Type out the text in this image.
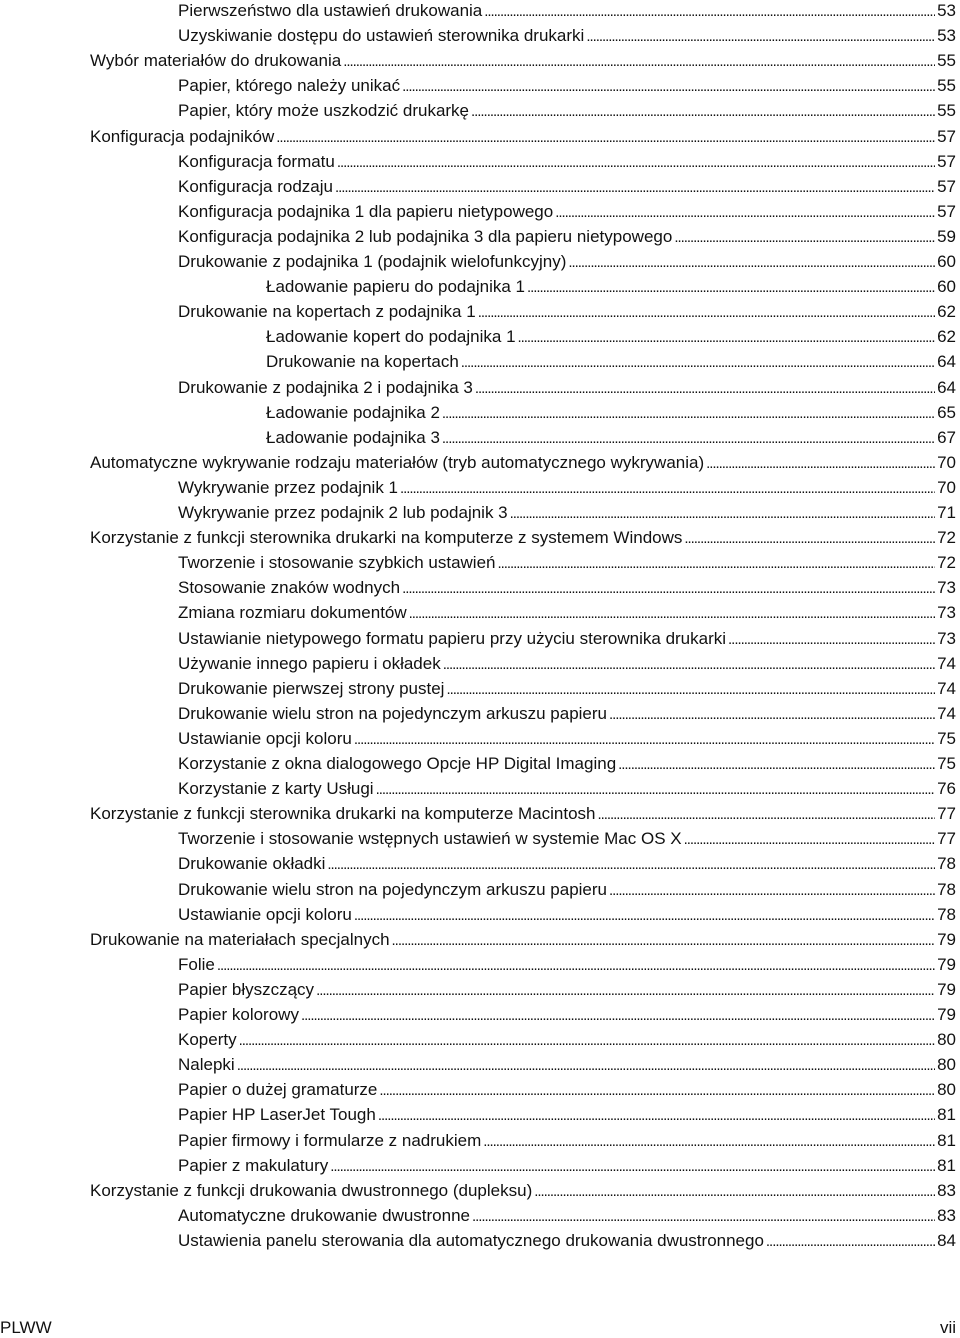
Pierwszeństwo dla ustawień drukowania . . .	53
Uzyskiwanie dostępu do ustawień sterownika drukarki . . .	53
Wybór materiałów do drukowania . . .	55
Papier, którego należy unikać . . .	55
Papier, który może uszkodzić drukarkę . . .	55
Konfiguracja podajników . . .	57
Konfiguracja formatu . . .	57
Konfiguracja rodzaju . . .	57
Konfiguracja podajnika 1 dla papieru nietypowego . . .	57
Konfiguracja podajnika 2 lub podajnika 3 dla papieru nietypowego . . .	59
Drukowanie z podajnika 1 (podajnik wielofunkcyjny) . . .	60
Ładowanie papieru do podajnika 1 . . .	60
Drukowanie na kopertach z podajnika 1 . . .	62
Ładowanie kopert do podajnika 1 . . .	62
Drukowanie na kopertach . . .	64
Drukowanie z podajnika 2 i podajnika 3 . . .	64
Ładowanie podajnika 2 . . .	65
Ładowanie podajnika 3 . . .	67
Automatyczne wykrywanie rodzaju materiałów (tryb automatycznego wykrywania) . . .	70
Wykrywanie przez podajnik 1 . . .	70
Wykrywanie przez podajnik 2 lub podajnik 3 . . .	71
Korzystanie z funkcji sterownika drukarki na komputerze z systemem Windows . . .	72
Tworzenie i stosowanie szybkich ustawień . . .	72
Stosowanie znaków wodnych . . .	73
Zmiana rozmiaru dokumentów . . .	73
Ustawianie nietypowego formatu papieru przy użyciu sterownika drukarki . . .	73
Używanie innego papieru i okładek . . .	74
Drukowanie pierwszej strony pustej . . .	74
Drukowanie wielu stron na pojedynczym arkuszu papieru . . .	74
Ustawianie opcji koloru . . .	75
Korzystanie z okna dialogowego Opcje HP Digital Imaging . . .	75
Korzystanie z karty Usługi . . .	76
Korzystanie z funkcji sterownika drukarki na komputerze Macintosh . . .	77
Tworzenie i stosowanie wstępnych ustawień w systemie Mac OS X . . .	77
Drukowanie okładki . . .	78
Drukowanie wielu stron na pojedynczym arkuszu papieru . . .	78
Ustawianie opcji koloru . . .	78
Drukowanie na materiałach specjalnych . . .	79
Folie . . .	79
Papier błyszczący . . .	79
Papier kolorowy . . .	79
Koperty . . .	80
Nalepki . . .	80
Papier o dużej gramaturze . . .	80
Papier HP LaserJet Tough . . .	81
Papier firmowy i formularze z nadrukiem . . .	81
Papier z makulatury . . .	81
Korzystanie z funkcji drukowania dwustronnego (dupleksu) . . .	83
Automatyczne drukowanie dwustronne . . .	83
Ustawienia panelu sterowania dla automatycznego drukowania dwustronnego . . .	84
PLWW	vii
